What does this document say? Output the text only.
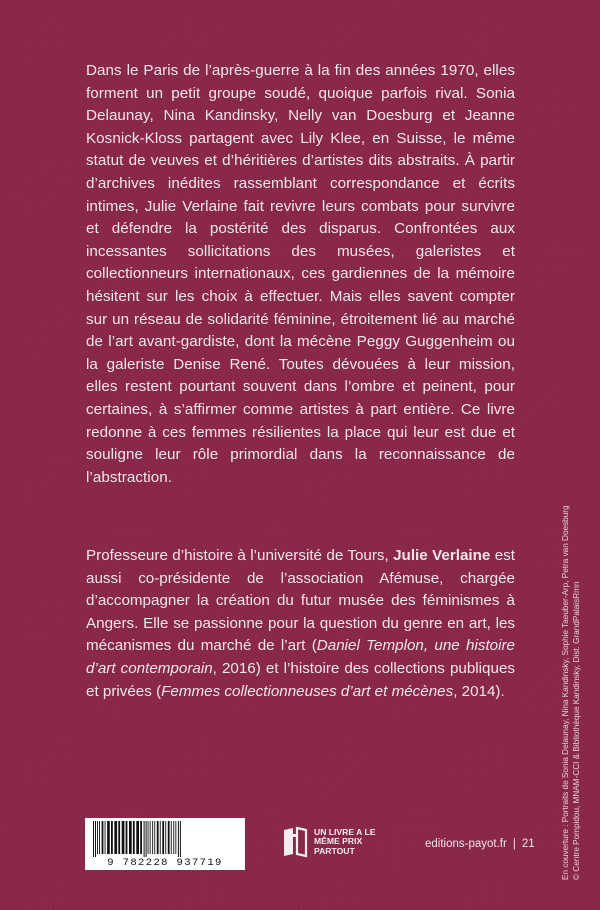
Dans le Paris de l’après-guerre à la fin des années 1970, elles forment un petit groupe soudé, quoique parfois rival. Sonia Delaunay, Nina Kandinsky, Nelly van Doesburg et Jeanne Kosnick-Kloss partagent avec Lily Klee, en Suisse, le même statut de veuves et d’héritières d’artistes dits abstraits. À partir d’archives inédites rassemblant correspondance et écrits intimes, Julie Verlaine fait revivre leurs combats pour survivre et défendre la postérité des disparus. Confrontées aux incessantes sollicitations des musées, galeristes et collectionneurs internationaux, ces gardiennes de la mémoire hésitent sur les choix à effectuer. Mais elles savent compter sur un réseau de solidarité féminine, étroitement lié au marché de l’art avant-gardiste, dont la mécène Peggy Guggenheim ou la galeriste Denise René. Toutes dévouées à leur mission, elles restent pourtant souvent dans l’ombre et peinent, pour certaines, à s’affirmer comme artistes à part entière. Ce livre redonne à ces femmes résilientes la place qui leur est due et souligne leur rôle primordial dans la reconnaissance de l’abstraction.

Professeure d’histoire à l’université de Tours, Julie Verlaine est aussi co-présidente de l’association Afémuse, chargée d’accompagner la création du futur musée des féminismes à Angers. Elle se passionne pour la question du genre en art, les mécanismes du marché de l’art (Daniel Templon, une histoire d’art contemporain, 2016) et l’histoire des collections publiques et privées (Femmes collectionneuses d’art et mécènes, 2014).	En couverture : Portraits de Sonia Delaunay, Nina Kandinsky, Sophie Taeuber-Arp, Petra van Doesburg © Centre Pompidou, MNAM-CCI & Bibliothèque Kandinsky, Dist. GrandPalaisRmn
9 782228 937719
UN LIVRE A LE MÊME PRIX PARTOUT
editions-payot.fr | 21
